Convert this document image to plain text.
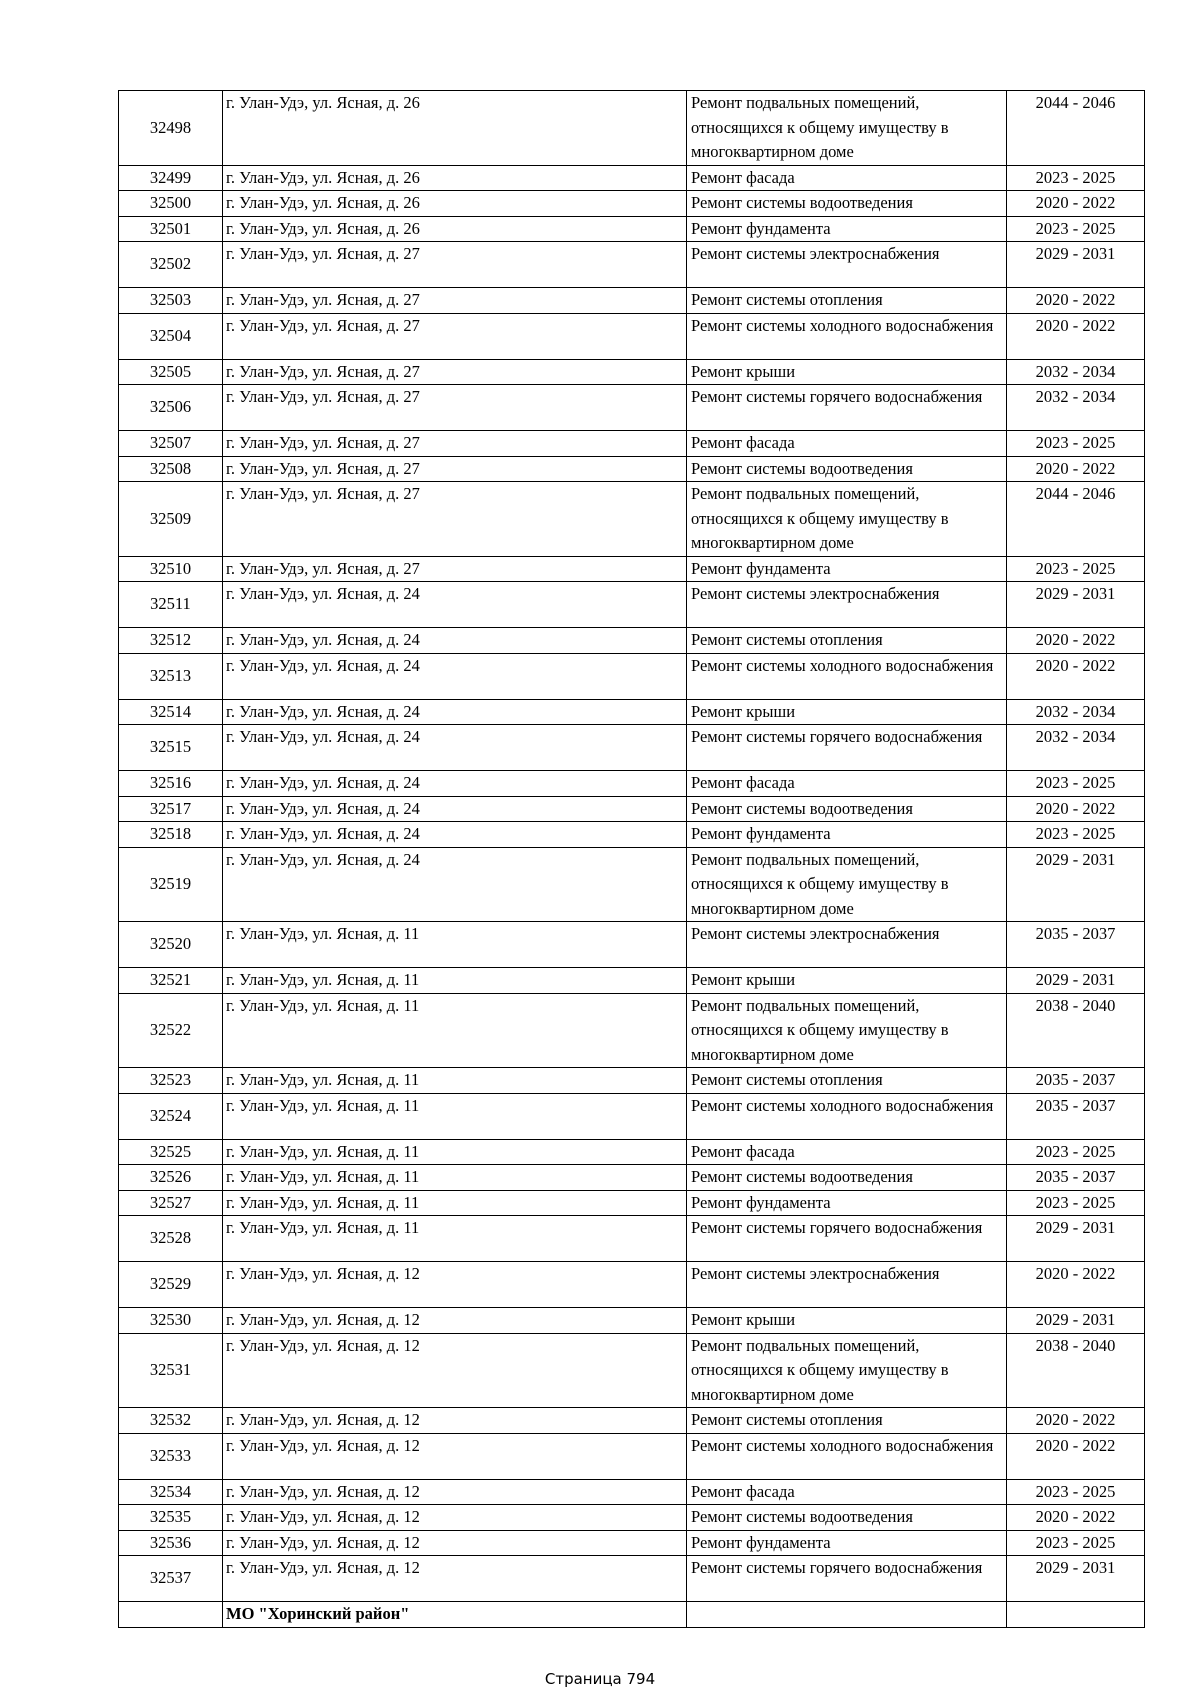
32498	г. Улан-Удэ, ул. Ясная, д. 26	Ремонт подвальных помещений, относящихся к общему имуществу в многоквартирном доме	2044 - 2046
32499	г. Улан-Удэ, ул. Ясная, д. 26	Ремонт фасада	2023 - 2025
32500	г. Улан-Удэ, ул. Ясная, д. 26	Ремонт системы водоотведения	2020 - 2022
32501	г. Улан-Удэ, ул. Ясная, д. 26	Ремонт фундамента	2023 - 2025
32502	г. Улан-Удэ, ул. Ясная, д. 27	Ремонт системы электроснабжения	2029 - 2031
32503	г. Улан-Удэ, ул. Ясная, д. 27	Ремонт системы отопления	2020 - 2022
32504	г. Улан-Удэ, ул. Ясная, д. 27	Ремонт системы холодного водоснабжения	2020 - 2022
32505	г. Улан-Удэ, ул. Ясная, д. 27	Ремонт крыши	2032 - 2034
32506	г. Улан-Удэ, ул. Ясная, д. 27	Ремонт системы горячего водоснабжения	2032 - 2034
32507	г. Улан-Удэ, ул. Ясная, д. 27	Ремонт фасада	2023 - 2025
32508	г. Улан-Удэ, ул. Ясная, д. 27	Ремонт системы водоотведения	2020 - 2022
32509	г. Улан-Удэ, ул. Ясная, д. 27	Ремонт подвальных помещений, относящихся к общему имуществу в многоквартирном доме	2044 - 2046
32510	г. Улан-Удэ, ул. Ясная, д. 27	Ремонт фундамента	2023 - 2025
32511	г. Улан-Удэ, ул. Ясная, д. 24	Ремонт системы электроснабжения	2029 - 2031
32512	г. Улан-Удэ, ул. Ясная, д. 24	Ремонт системы отопления	2020 - 2022
32513	г. Улан-Удэ, ул. Ясная, д. 24	Ремонт системы холодного водоснабжения	2020 - 2022
32514	г. Улан-Удэ, ул. Ясная, д. 24	Ремонт крыши	2032 - 2034
32515	г. Улан-Удэ, ул. Ясная, д. 24	Ремонт системы горячего водоснабжения	2032 - 2034
32516	г. Улан-Удэ, ул. Ясная, д. 24	Ремонт фасада	2023 - 2025
32517	г. Улан-Удэ, ул. Ясная, д. 24	Ремонт системы водоотведения	2020 - 2022
32518	г. Улан-Удэ, ул. Ясная, д. 24	Ремонт фундамента	2023 - 2025
32519	г. Улан-Удэ, ул. Ясная, д. 24	Ремонт подвальных помещений, относящихся к общему имуществу в многоквартирном доме	2029 - 2031
32520	г. Улан-Удэ, ул. Ясная, д. 11	Ремонт системы электроснабжения	2035 - 2037
32521	г. Улан-Удэ, ул. Ясная, д. 11	Ремонт крыши	2029 - 2031
32522	г. Улан-Удэ, ул. Ясная, д. 11	Ремонт подвальных помещений, относящихся к общему имуществу в многоквартирном доме	2038 - 2040
32523	г. Улан-Удэ, ул. Ясная, д. 11	Ремонт системы отопления	2035 - 2037
32524	г. Улан-Удэ, ул. Ясная, д. 11	Ремонт системы холодного водоснабжения	2035 - 2037
32525	г. Улан-Удэ, ул. Ясная, д. 11	Ремонт фасада	2023 - 2025
32526	г. Улан-Удэ, ул. Ясная, д. 11	Ремонт системы водоотведения	2035 - 2037
32527	г. Улан-Удэ, ул. Ясная, д. 11	Ремонт фундамента	2023 - 2025
32528	г. Улан-Удэ, ул. Ясная, д. 11	Ремонт системы горячего водоснабжения	2029 - 2031
32529	г. Улан-Удэ, ул. Ясная, д. 12	Ремонт системы электроснабжения	2020 - 2022
32530	г. Улан-Удэ, ул. Ясная, д. 12	Ремонт крыши	2029 - 2031
32531	г. Улан-Удэ, ул. Ясная, д. 12	Ремонт подвальных помещений, относящихся к общему имуществу в многоквартирном доме	2038 - 2040
32532	г. Улан-Удэ, ул. Ясная, д. 12	Ремонт системы отопления	2020 - 2022
32533	г. Улан-Удэ, ул. Ясная, д. 12	Ремонт системы холодного водоснабжения	2020 - 2022
32534	г. Улан-Удэ, ул. Ясная, д. 12	Ремонт фасада	2023 - 2025
32535	г. Улан-Удэ, ул. Ясная, д. 12	Ремонт системы водоотведения	2020 - 2022
32536	г. Улан-Удэ, ул. Ясная, д. 12	Ремонт фундамента	2023 - 2025
32537	г. Улан-Удэ, ул. Ясная, д. 12	Ремонт системы горячего водоснабжения	2029 - 2031
	МО "Хоринский район"		
Страница 794
